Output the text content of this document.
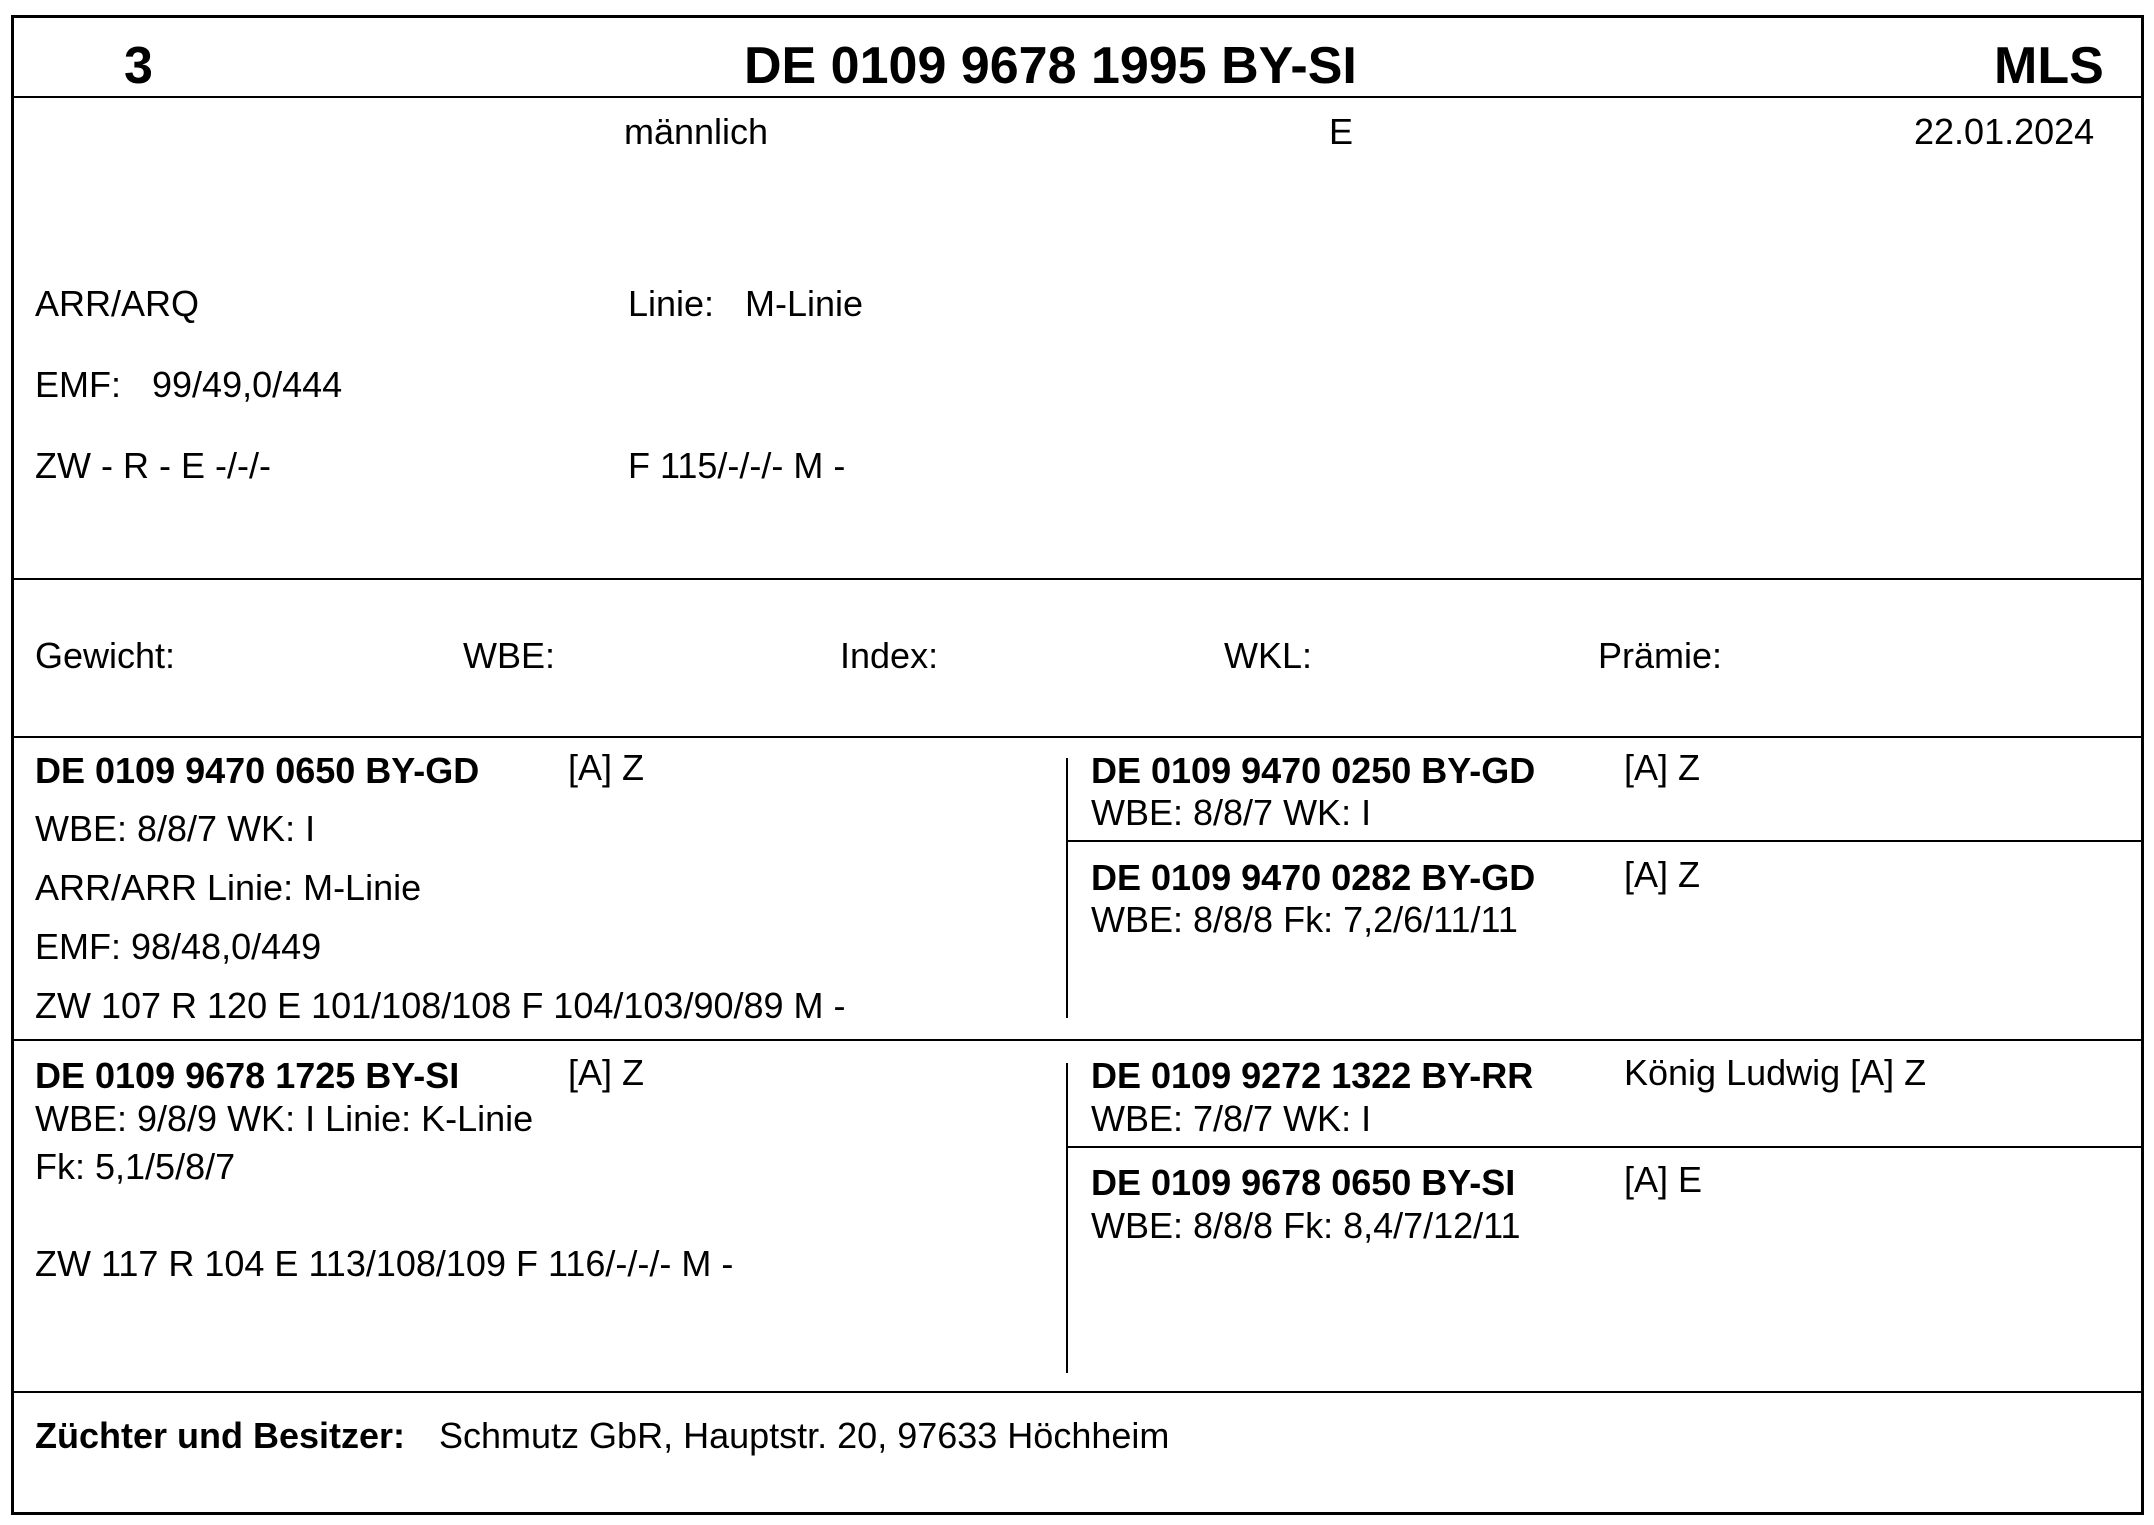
3	DE 0109 9678 1995 BY-SI	MLS
männlich	E	22.01.2024
ARR/ARQ	Linie: M-Linie
EMF: 99/49,0/444
ZW - R - E -/-/-	F 115/-/-/- M -
Gewicht:	WBE:	Index:	WKL:	Prämie:
DE 0109 9470 0650 BY-GD [A] Z
WBE: 8/8/7 WK: I
ARR/ARR Linie: M-Linie
EMF: 98/48,0/449
ZW 107 R 120 E 101/108/108 F 104/103/90/89 M -
DE 0109 9470 0250 BY-GD [A] Z
WBE: 8/8/7 WK: I
DE 0109 9470 0282 BY-GD [A] Z
WBE: 8/8/8 Fk: 7,2/6/11/11
DE 0109 9678 1725 BY-SI	[A] Z
WBE: 9/8/9 WK: I Linie: K-Linie
Fk: 5,1/5/8/7
ZW 117 R 104 E 113/108/109 F 116/-/-/- M -
DE 0109 9272 1322 BY-RR	König Ludwig [A] Z
WBE: 7/8/7 WK: I
DE 0109 9678 0650 BY-SI	[A] E
WBE: 8/8/8 Fk: 8,4/7/12/11
Züchter und Besitzer: Schmutz GbR, Hauptstr. 20, 97633 Höchheim
